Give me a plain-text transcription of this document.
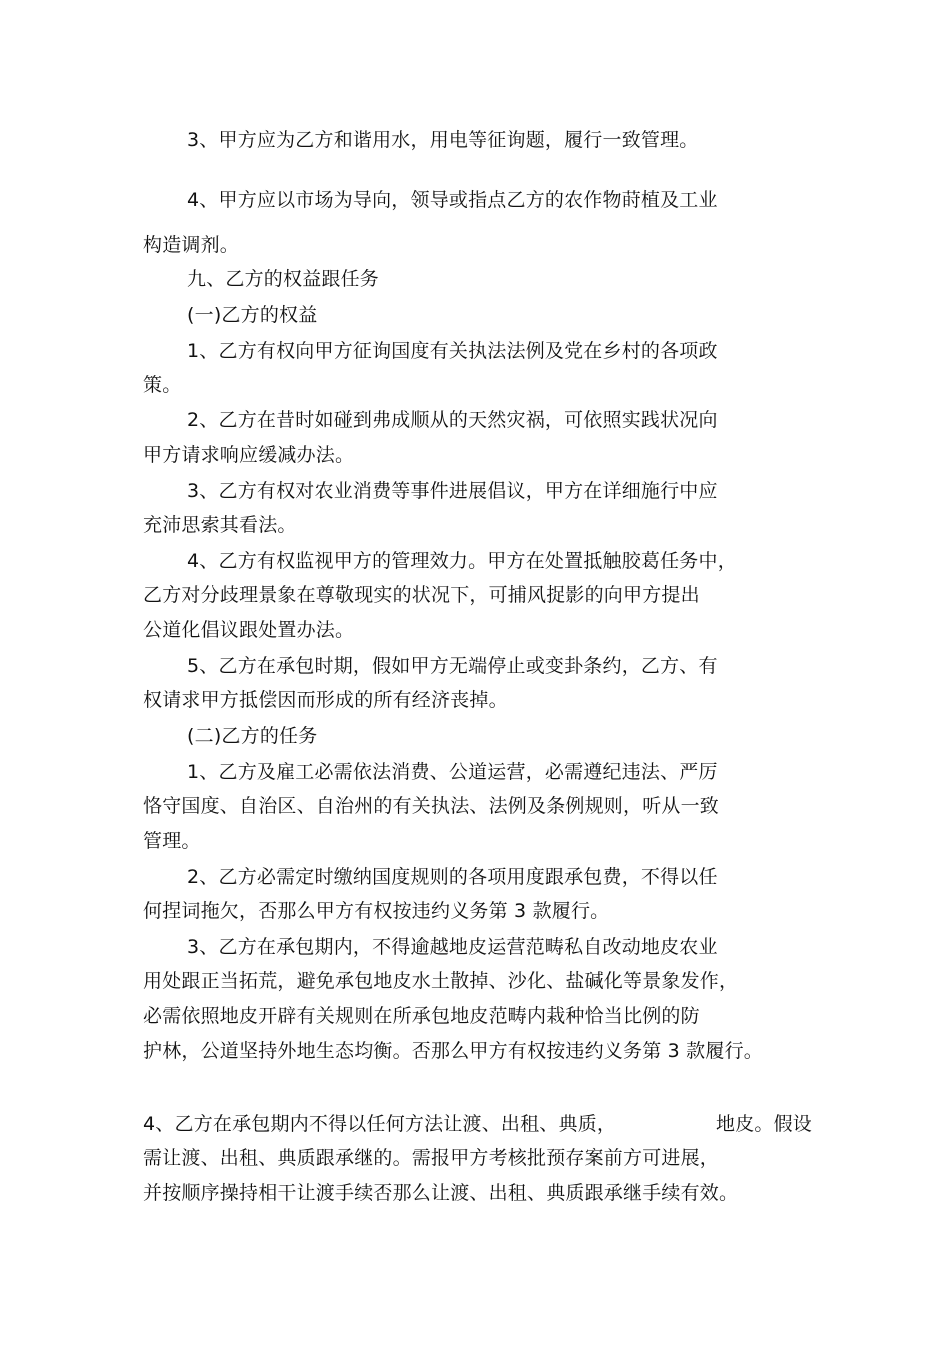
3、甲方应为乙方和谐用水，用电等征询题，履行一致管理。
4、甲方应以市场为导向，领导或指点乙方的农作物莳植及工业
构造调剂。
九、乙方的权益跟任务
(一)乙方的权益
1、乙方有权向甲方征询国度有关执法法例及党在乡村的各项政
策。
2、乙方在昔时如碰到弗成顺从的天然灾祸，可依照实践状况向
甲方请求响应缓减办法。
3、乙方有权对农业消费等事件进展倡议，甲方在详细施行中应
充沛思索其看法。
4、乙方有权监视甲方的管理效力。甲方在处置抵触胶葛任务中，
乙方对分歧理景象在尊敬现实的状况下，可捕风捉影的向甲方提出
公道化倡议跟处置办法。
5、乙方在承包时期，假如甲方无端停止或变卦条约，乙方、有
权请求甲方抵偿因而形成的所有经济丧掉。
(二)乙方的任务
1、乙方及雇工必需依法消费、公道运营，必需遵纪违法、严厉
恪守国度、自治区、自治州的有关执法、法例及条例规则，听从一致
管理。
2、乙方必需定时缴纳国度规则的各项用度跟承包费，不得以任
何捏词拖欠，否那么甲方有权按违约义务第 3 款履行。
3、乙方在承包期内，不得逾越地皮运营范畴私自改动地皮农业
用处跟正当拓荒，避免承包地皮水土散掉、沙化、盐碱化等景象发作，
必需依照地皮开辟有关规则在所承包地皮范畴内栽种恰当比例的防
护林，公道坚持外地生态均衡。否那么甲方有权按违约义务第 3 款履行。
4、乙方在承包期内不得以任何方法让渡、出租、典质，	地皮。假设
需让渡、出租、典质跟承继的。需报甲方考核批预存案前方可进展，
并按顺序操持相干让渡手续否那么让渡、出租、典质跟承继手续有效。
